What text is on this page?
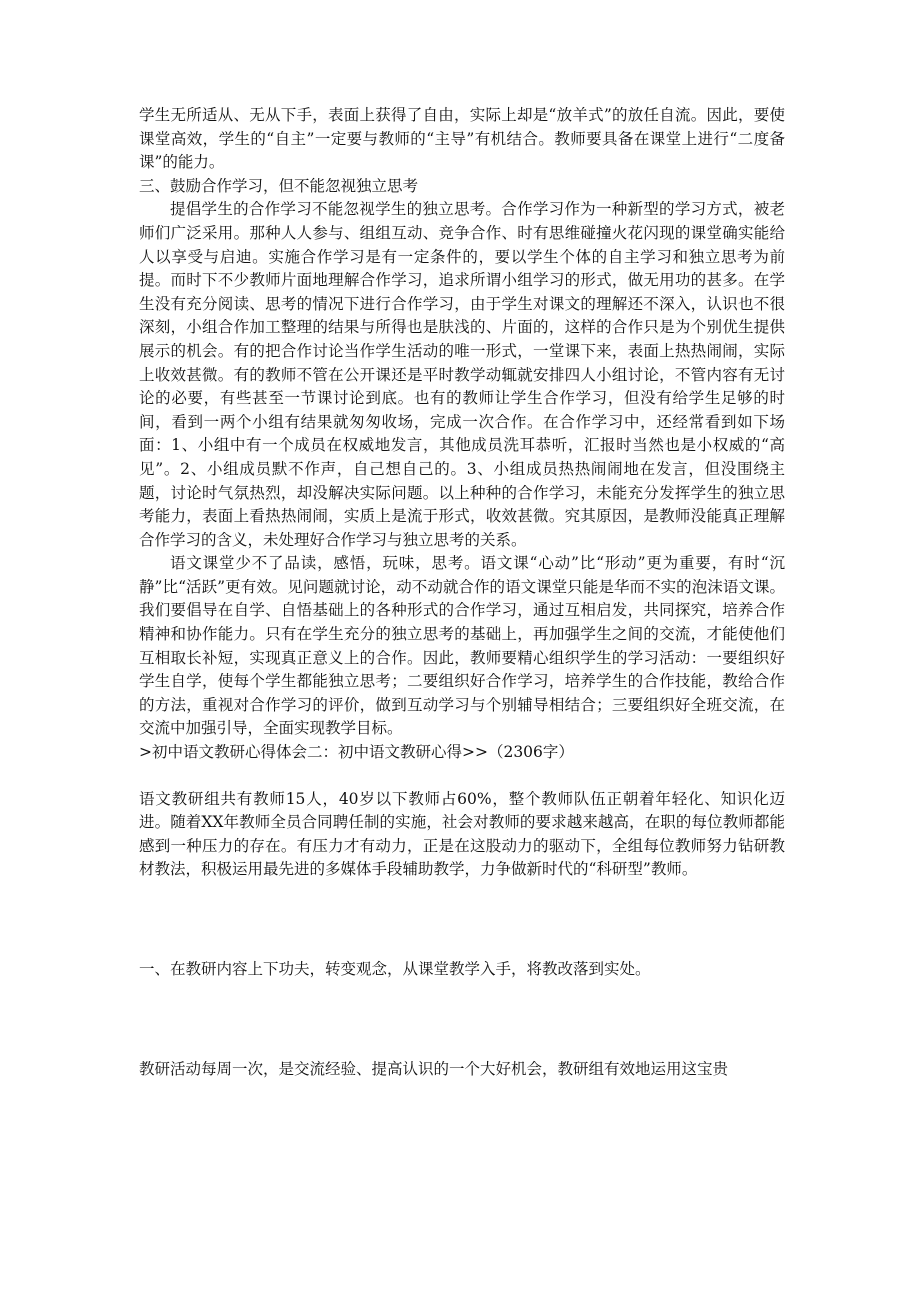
学生无所适从、无从下手，表面上获得了自由，实际上却是“放羊式”的放任自流。因此，要使课堂高效，学生的“自主”一定要与教师的“主导”有机结合。教师要具备在课堂上进行“二度备课”的能力。

三、鼓励合作学习，但不能忽视独立思考

提倡学生的合作学习不能忽视学生的独立思考。合作学习作为一种新型的学习方式，被老师们广泛采用。那种人人参与、组组互动、竞争合作、时有思维碰撞火花闪现的课堂确实能给人以享受与启迪。实施合作学习是有一定条件的，要以学生个体的自主学习和独立思考为前提。而时下不少教师片面地理解合作学习，追求所谓小组学习的形式，做无用功的甚多。在学生没有充分阅读、思考的情况下进行合作学习，由于学生对课文的理解还不深入，认识也不很深刻，小组合作加工整理的结果与所得也是肤浅的、片面的，这样的合作只是为个别优生提供展示的机会。有的把合作讨论当作学生活动的唯一形式，一堂课下来，表面上热热闹闹，实际上收效甚微。有的教师不管在公开课还是平时教学动辄就安排四人小组讨论，不管内容有无讨论的必要，有些甚至一节课讨论到底。也有的教师让学生合作学习，但没有给学生足够的时间，看到一两个小组有结果就匆匆收场，完成一次合作。在合作学习中，还经常看到如下场面：1、小组中有一个成员在权威地发言，其他成员洗耳恭听，汇报时当然也是小权威的“高见”。2、小组成员默不作声，自己想自己的。3、小组成员热热闹闹地在发言，但没围绕主题，讨论时气氛热烈，却没解决实际问题。以上种种的合作学习，未能充分发挥学生的独立思考能力，表面上看热热闹闹，实质上是流于形式，收效甚微。究其原因，是教师没能真正理解合作学习的含义，未处理好合作学习与独立思考的关系。

语文课堂少不了品读，感悟，玩味，思考。语文课“心动”比“形动”更为重要，有时“沉静”比“活跃”更有效。见问题就讨论，动不动就合作的语文课堂只能是华而不实的泡沫语文课。我们要倡导在自学、自悟基础上的各种形式的合作学习，通过互相启发，共同探究，培养合作精神和协作能力。只有在学生充分的独立思考的基础上，再加强学生之间的交流，才能使他们互相取长补短，实现真正意义上的合作。因此，教师要精心组织学生的学习活动：一要组织好学生自学，使每个学生都能独立思考；二要组织好合作学习，培养学生的合作技能，教给合作的方法，重视对合作学习的评价，做到互动学习与个别辅导相结合；三要组织好全班交流，在交流中加强引导，全面实现教学目标。

>初中语文教研心得体会二：初中语文教研心得>>（2306字）

语文教研组共有教师15人，40岁以下教师占60%，整个教师队伍正朝着年轻化、知识化迈进。随着XX年教师全员合同聘任制的实施，社会对教师的要求越来越高，在职的每位教师都能感到一种压力的存在。有压力才有动力，正是在这股动力的驱动下，全组每位教师努力钻研教材教法，积极运用最先进的多媒体手段辅助教学，力争做新时代的“科研型”教师。

一、在教研内容上下功夫，转变观念，从课堂教学入手，将教改落到实处。

教研活动每周一次，是交流经验、提高认识的一个大好机会，教研组有效地运用这宝贵
